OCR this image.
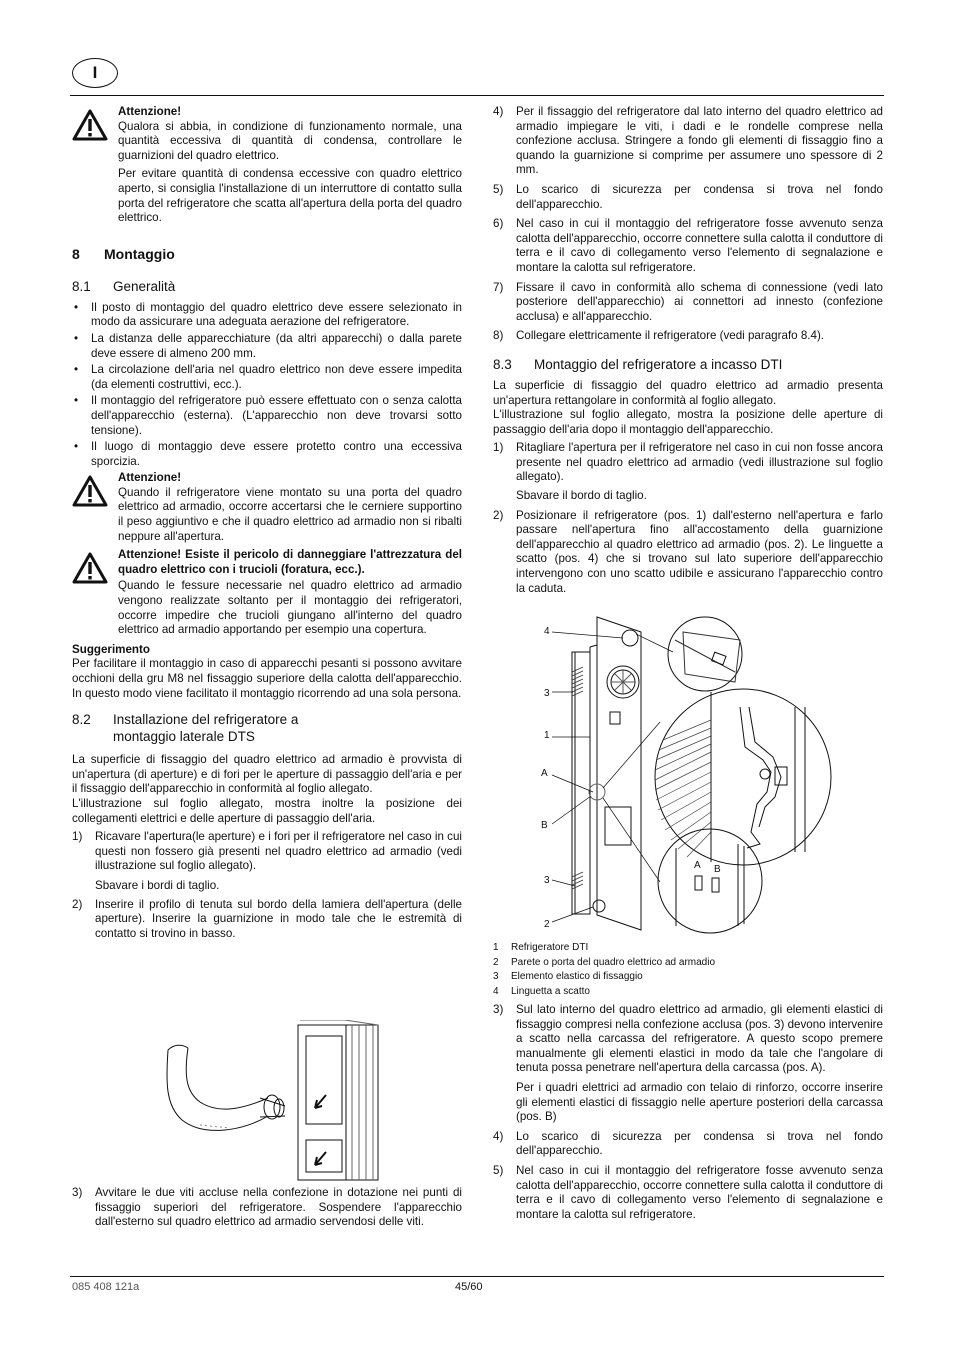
I

Attenzione!

Qualora si abbia, in condizione di funzionamento normale, una quantità eccessiva di quantità di condensa, controllare le guarnizioni del quadro elettrico.

Per evitare quantità di condensa eccessive con quadro elettrico aperto, si consiglia l'installazione di un interruttore di contatto sulla porta del refrigeratore che scatta all'apertura della porta del quadro elettrico.

8 Montaggio
8.1 Generalità
• Il posto di montaggio del quadro elettrico deve essere selezionato in modo da assicurare una adeguata aerazione del refrigeratore.
• La distanza delle apparecchiature (da altri apparecchi) o dalla parete deve essere di almeno 200 mm.
• La circolazione dell'aria nel quadro elettrico non deve essere impedita (da elementi costruttivi, ecc.).
• Il montaggio del refrigeratore può essere effettuato con o senza calotta dell'apparecchio (esterna). (L'apparecchio non deve trovarsi sotto tensione).
• Il luogo di montaggio deve essere protetto contro una eccessiva sporcizia.

Attenzione!

Quando il refrigeratore viene montato su una porta del quadro elettrico ad armadio, occorre accertarsi che le cerniere supportino il peso aggiuntivo e che il quadro elettrico ad armadio non si ribalti neppure all'apertura.

Attenzione! Esiste il pericolo di danneggiare l'attrezzatura del quadro elettrico con i trucioli (foratura, ecc.).

Quando le fessure necessarie nel quadro elettrico ad armadio vengono realizzate soltanto per il montaggio dei refrigeratori, occorre impedire che trucioli giungano all'interno del quadro elettrico ad armadio apportando per esempio una copertura.

Suggerimento

Per facilitare il montaggio in caso di apparecchi pesanti si possono avvitare occhioni della gru M8 nel fissaggio superiore della calotta dell'apparecchio. In questo modo viene facilitato il montaggio ricorrendo ad una sola persona.

8.2 Installazione del refrigeratore a montaggio laterale DTS

La superficie di fissaggio del quadro elettrico ad armadio è provvista di un'apertura (di aperture) e di fori per le aperture di passaggio dell'aria e per il fissaggio dell'apparecchio in conformità al foglio allegato.

L'illustrazione sul foglio allegato, mostra inoltre la posizione dei collegamenti elettrici e delle aperture di passaggio dell'aria.

1) Ricavare l'apertura(le aperture) e i fori per il refrigeratore nel caso in cui questi non fossero già presenti nel quadro elettrico ad armadio (vedi illustrazione sul foglio allegato).

Sbavare i bordi di taglio.

2) Inserire il profilo di tenuta sul bordo della lamiera dell'apertura (delle aperture). Inserire la guarnizione in modo tale che le estremità di contatto si trovino in basso.

3) Avvitare le due viti accluse nella confezione in dotazione nei punti di fissaggio superiori del refrigeratore. Sospendere l'apparecchio dall'esterno sul quadro elettrico ad armadio servendosi delle viti.

4) Per il fissaggio del refrigeratore dal lato interno del quadro elettrico ad armadio impiegare le viti, i dadi e le rondelle comprese nella confezione acclusa. Stringere a fondo gli elementi di fissaggio fino a quando la guarnizione si comprime per assumere uno spessore di 2 mm.

5) Lo scarico di sicurezza per condensa si trova nel fondo dell'apparecchio.

6) Nel caso in cui il montaggio del refrigeratore fosse avvenuto senza calotta dell'apparecchio, occorre connettere sulla calotta il conduttore di terra e il cavo di collegamento verso l'elemento di segnalazione e montare la calotta sul refrigeratore.

7) Fissare il cavo in conformità allo schema di connessione (vedi lato posteriore dell'apparecchio) ai connettori ad innesto (confezione acclusa) e all'apparecchio.

8) Collegare elettricamente il refrigeratore (vedi paragrafo 8.4).

8.3 Montaggio del refrigeratore a incasso DTI

La superficie di fissaggio del quadro elettrico ad armadio presenta un'apertura rettangolare in conformità al foglio allegato.

L'illustrazione sul foglio allegato, mostra la posizione delle aperture di passaggio dell'aria dopo il montaggio dell'apparecchio.

1) Ritagliare l'apertura per il refrigeratore nel caso in cui non fosse ancora presente nel quadro elettrico ad armadio (vedi illustrazione sul foglio allegato).

Sbavare il bordo di taglio.

2) Posizionare il refrigeratore (pos. 1) dall'esterno nell'apertura e farlo passare nell'apertura fino all'accostamento della guarnizione dell'apparecchio al quadro elettrico ad armadio (pos. 2). Le linguette a scatto (pos. 4) che si trovano sul lato superiore dell'apparecchio intervengono con uno scatto udibile e assicurano l'apparecchio contro la caduta.

4
3
1
A
B
3
2
A B
1 Refrigeratore DTI
2 Parete o porta del quadro elettrico ad armadio
3 Elemento elastico di fissaggio
4 Linguetta a scatto
3) Sul lato interno del quadro elettrico ad armadio, gli elementi elastici di fissaggio compresi nella confezione acclusa (pos. 3) devono intervenire a scatto nella carcassa del refrigeratore. A questo scopo premere manualmente gli elementi elastici in modo da tale che l'angolare di tenuta possa penetrare nell'apertura della carcassa (pos. A).

Per i quadri elettrici ad armadio con telaio di rinforzo, occorre inserire gli elementi elastici di fissaggio nelle aperture posteriori della carcassa (pos. B)

4) Lo scarico di sicurezza per condensa si trova nel fondo dell'apparecchio.

5) Nel caso in cui il montaggio del refrigeratore fosse avvenuto senza calotta dell'apparecchio, occorre connettere sulla calotta il conduttore di terra e il cavo di collegamento verso l'elemento di segnalazione e montare la calotta sul refrigeratore.

085 408 121a	45/60
